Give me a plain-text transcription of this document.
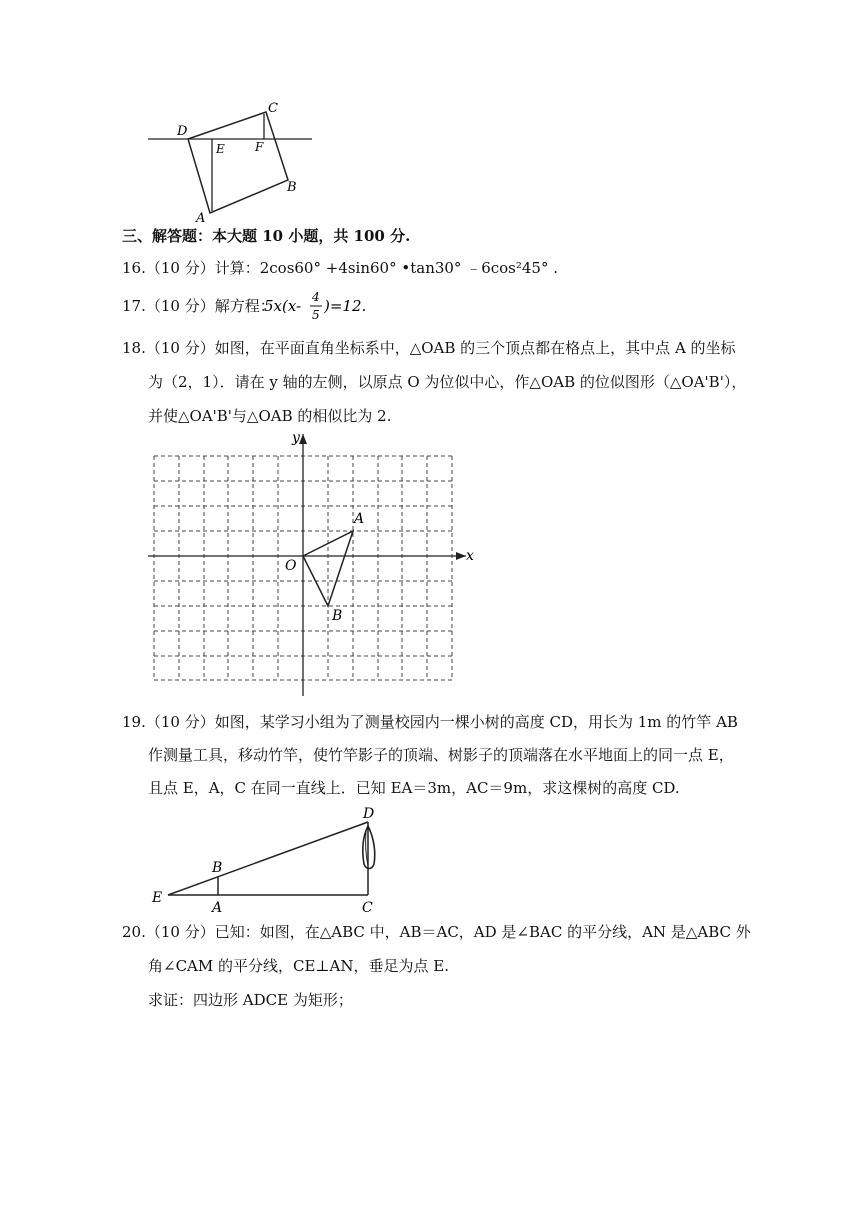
D
C
E	F
B
A
三、解答题：本大题 10 小题，共 100 分.
16.（10 分）计算：2cos60° +4sin60° •tan30° ﹣6cos²45° .
17.（10 分）解方程：
5x(x- 4
5 )=12.
18.（10 分）如图，在平面直角坐标系中，△OAB 的三个顶点都在格点上，其中点 A 的坐标
为（2，1）．请在 y 轴的左侧，以原点 O 为位似中心，作△OAB 的位似图形（△OA'B'），
并使△OA'B'与△OAB 的相似比为 2.
y
x
O
A
B
19.（10 分）如图，某学习小组为了测量校园内一棵小树的高度 CD，用长为 1m 的竹竿 AB
作测量工具，移动竹竿，使竹竿影子的顶端、树影子的顶端落在水平地面上的同一点 E，
且点 E，A，C 在同一直线上．已知 EA＝3m，AC＝9m，求这棵树的高度 CD.
D
B
E
A	C
20.（10 分）已知：如图，在△ABC 中，AB＝AC，AD 是∠BAC 的平分线，AN 是△ABC 外
角∠CAM 的平分线，CE⊥AN，垂足为点 E.
求证：四边形 ADCE 为矩形；
